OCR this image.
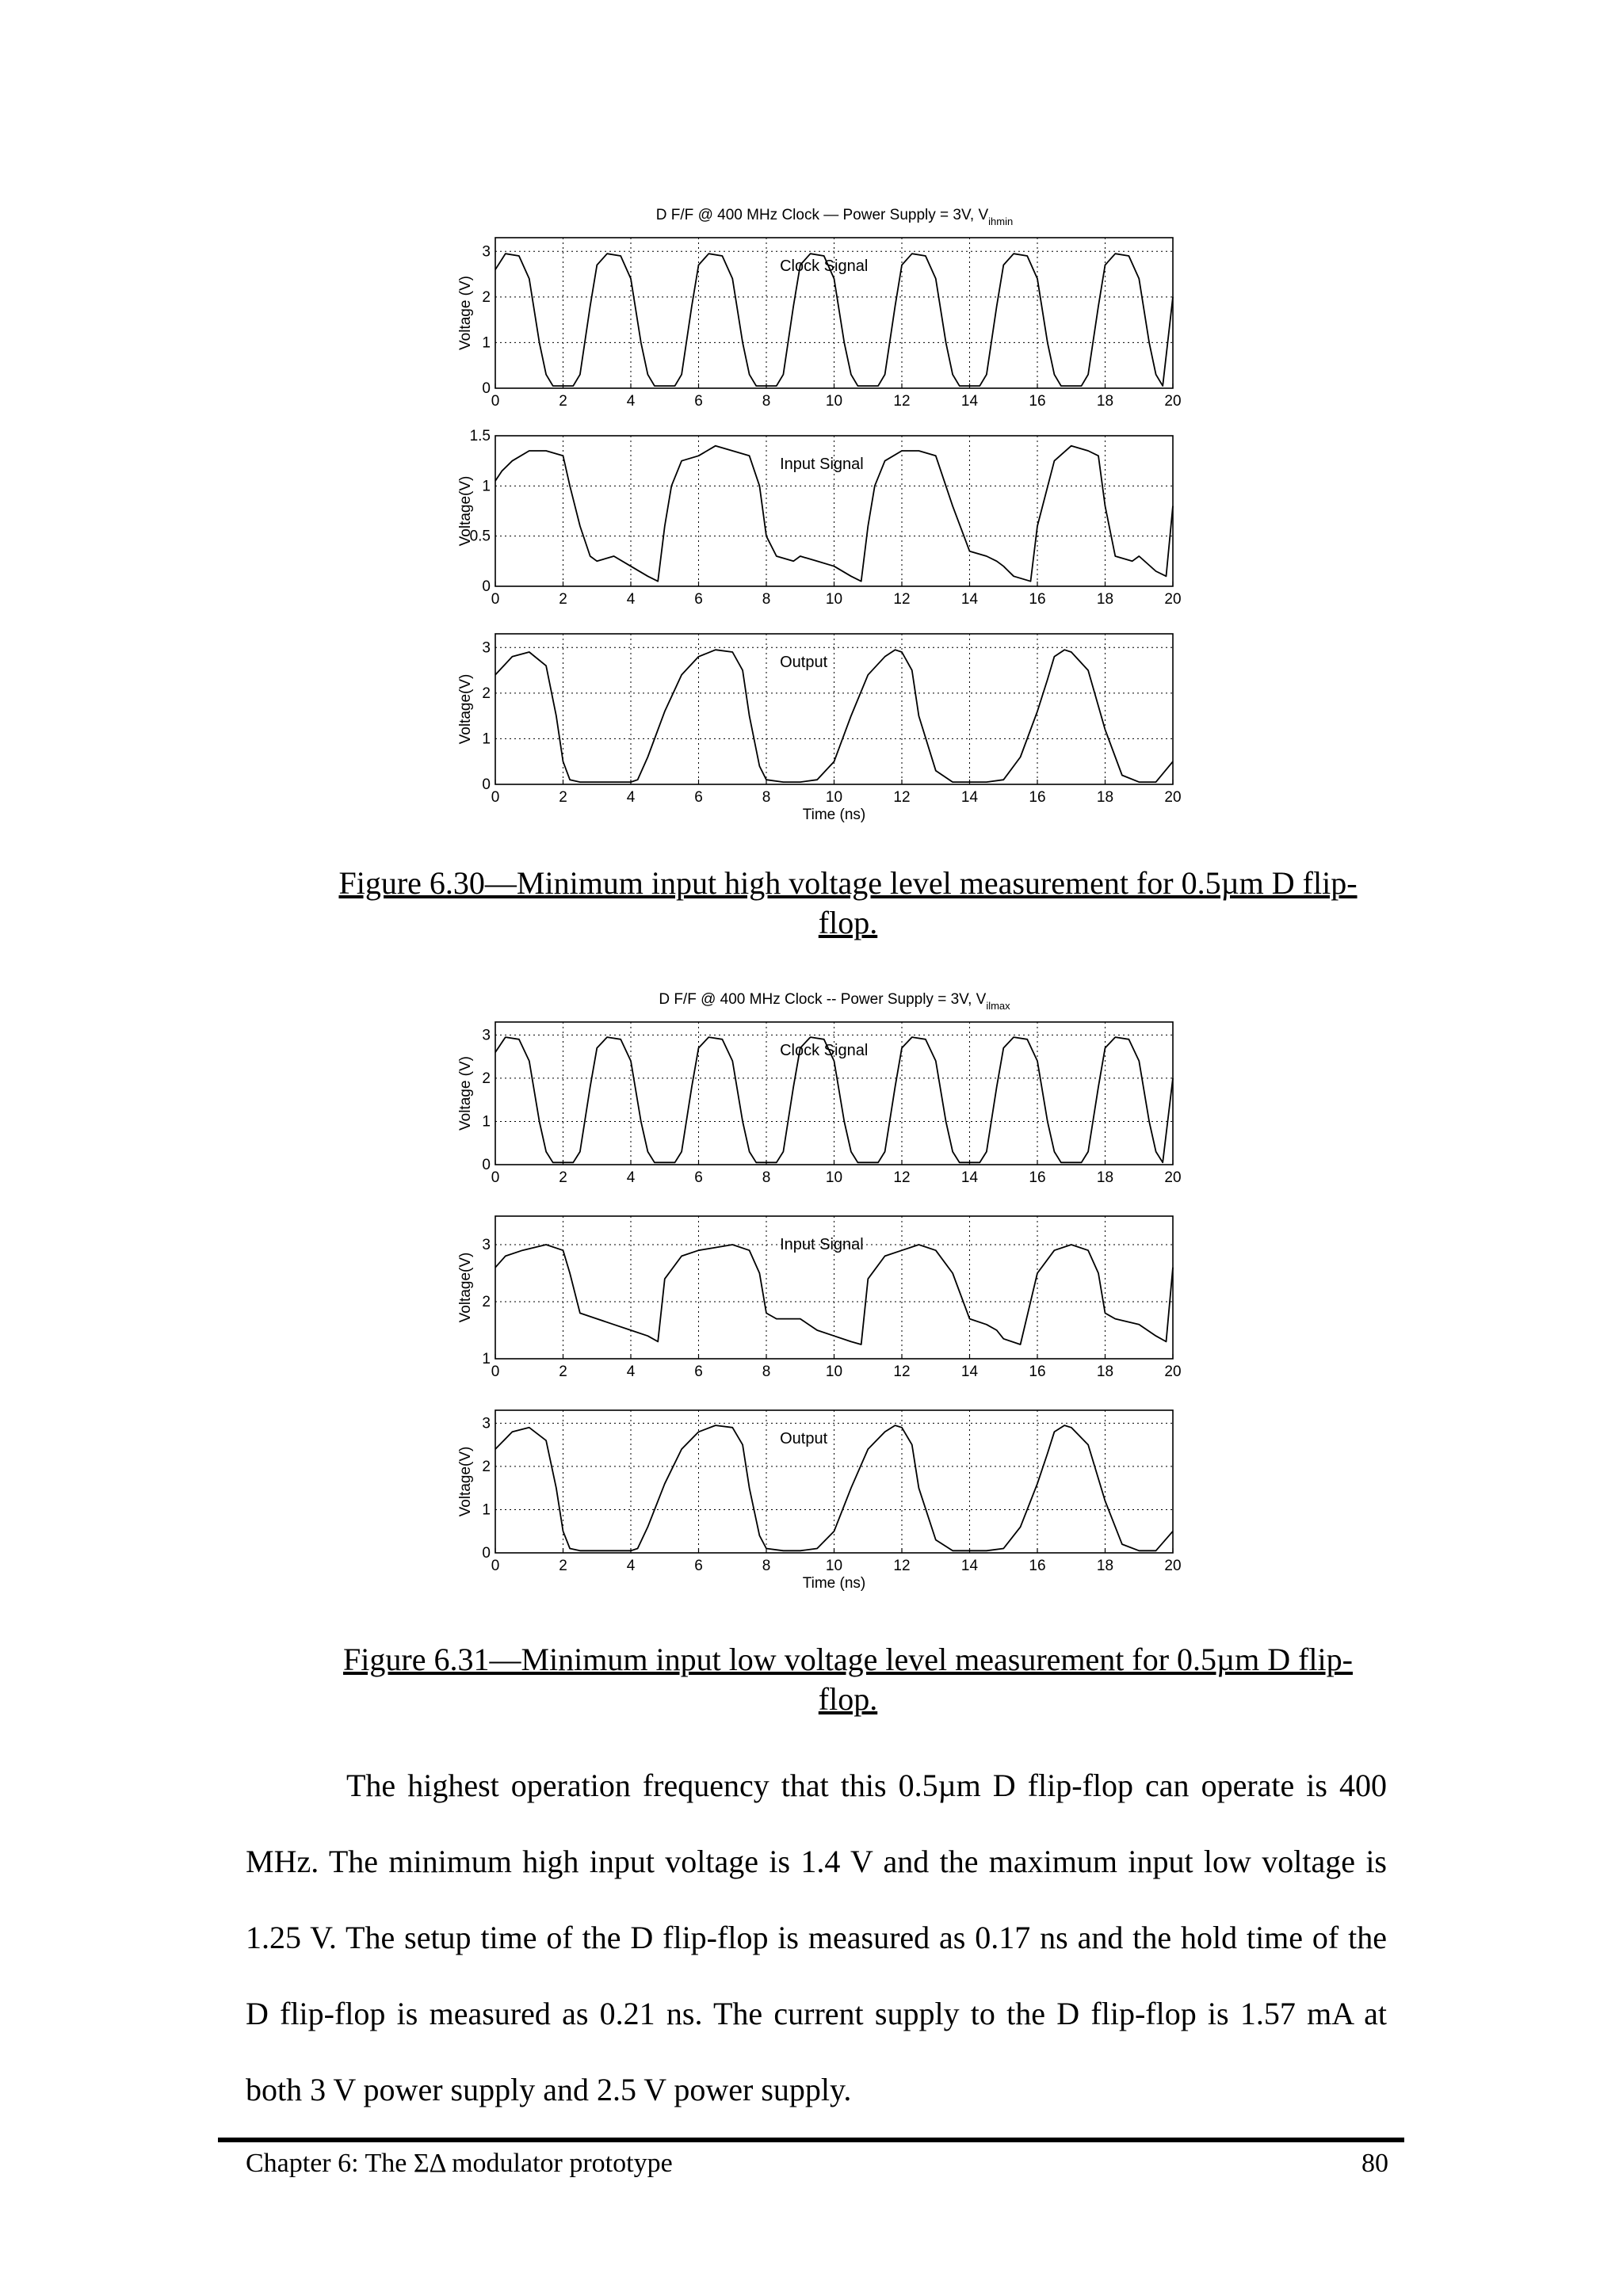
D F/F @ 400 MHz Clock — Power Supply = 3V, $V_{ihmin}$
0	2	4	6	8	10	12	14	16	18	20
0
1
2
3
Voltage (V)
Clock Signal
0	2	4	6	8	10	12	14	16	18	20
0
0.5
1
1.5
Voltage(V)
Input Signal
0	2	4	6	8	10	12	14	16	18	20
0
1
2
3
Voltage(V)
Output
Time (ns)
Figure 6.30—Minimum input high voltage level measurement for 0.5µm D flip-flop.
D F/F @ 400 MHz Clock -- Power Supply = 3V, $V_{ilmax}$
0	2	4	6	8	10	12	14	16	18	20
0
1
2
3
Voltage (V)
Clock Signal
0	2	4	6	8	10	12	14	16	18	20
1
2
3
Voltage(V)
Input Signal
0	2	4	6	8	10	12	14	16	18	20
0
1
2
3
Voltage(V)
Output
Time (ns)
Figure 6.31—Minimum input low voltage level measurement for 0.5µm D flip-flop.

The highest operation frequency that this 0.5µm D flip-flop can operate is 400 MHz. The minimum high input voltage is 1.4 V and the maximum input low voltage is 1.25 V. The setup time of the D flip-flop is measured as 0.17 ns and the hold time of the D flip-flop is measured as 0.21 ns. The current supply to the D flip-flop is 1.57 mA at both 3 V power supply and 2.5 V power supply.

Chapter 6: The ΣΔ modulator prototype	80
